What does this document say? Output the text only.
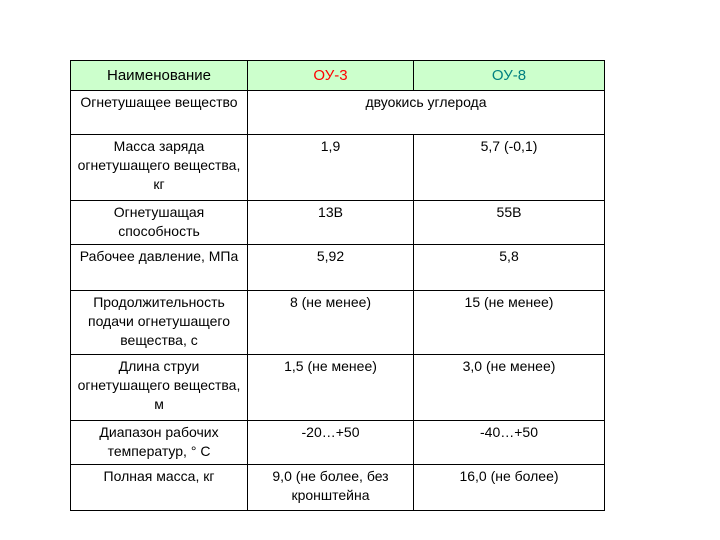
Наименование	ОУ-3	ОУ-8
Огнетушащее вещество	двуокись углерода	
Масса заряда огнетушащего вещества, кг	1,9	5,7 (-0,1)
Огнетушащая способность	13В	55В
Рабочее давление, МПа	5,92	5,8
Продолжительность подачи огнетушащего вещества, с	8 (не менее)	15 (не менее)
Длина струи огнетушащего вещества, м	1,5 (не менее)	3,0 (не менее)
Диапазон рабочих температур, ° С	-20…+50	-40…+50
Полная масса, кг	9,0 (не более, без кронштейна	16,0 (не более)
